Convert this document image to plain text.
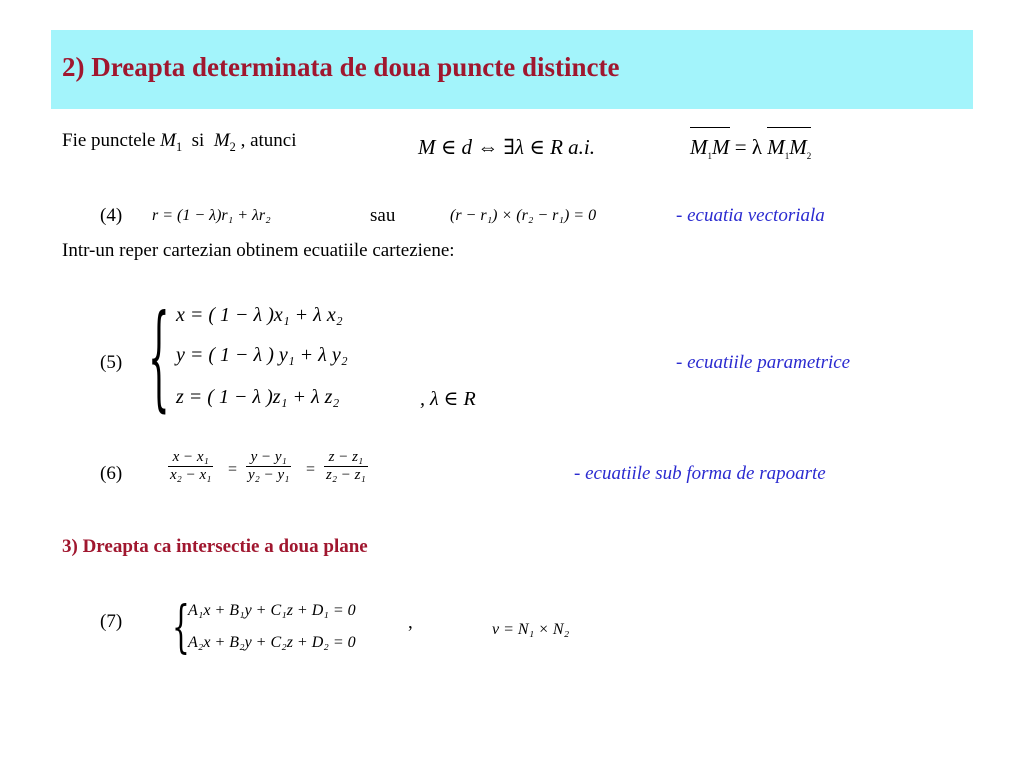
2) Dreapta determinata de doua puncte distincte
Fie punctele $M_1$ si $M_2$ , atunci	M ∈ d ⇔ ∃λ ∈ R a.i.	$M_1M = \lambda$ $M_1M_2$
(4) r = (1 − λ)r₁ + λr₂	sau	(r − r₁) × (r₂ − r₁) = 0	- ecuatia vectoriala
Intr-un reper cartezian obtinem ecuatiile carteziene:
{ x = ( 1 − λ )x₁ + λ x₂
y = ( 1 − λ ) y₁ + λ y₂
z = ( 1 − λ )z₁ + λ z₂	, λ ∈ R
(5)	- ecuatiile parametrice
(6)	$\frac{\text{x − x₁}}{\text{x₂ − x₁}} = \frac{\text{y − y₁}}{\text{y₂ − y₁}} = \frac{\text{z − z₁}}{\text{z₂ − z₁}}$	- ecuatiile sub forma de rapoarte
3) Dreapta ca intersectie a doua plane
(7) {
A₁x + B₁y + C₁z + D₁ = 0
A₂x + B₂y + C₂z + D₂ = 0
,	v = N₁ × N₂
